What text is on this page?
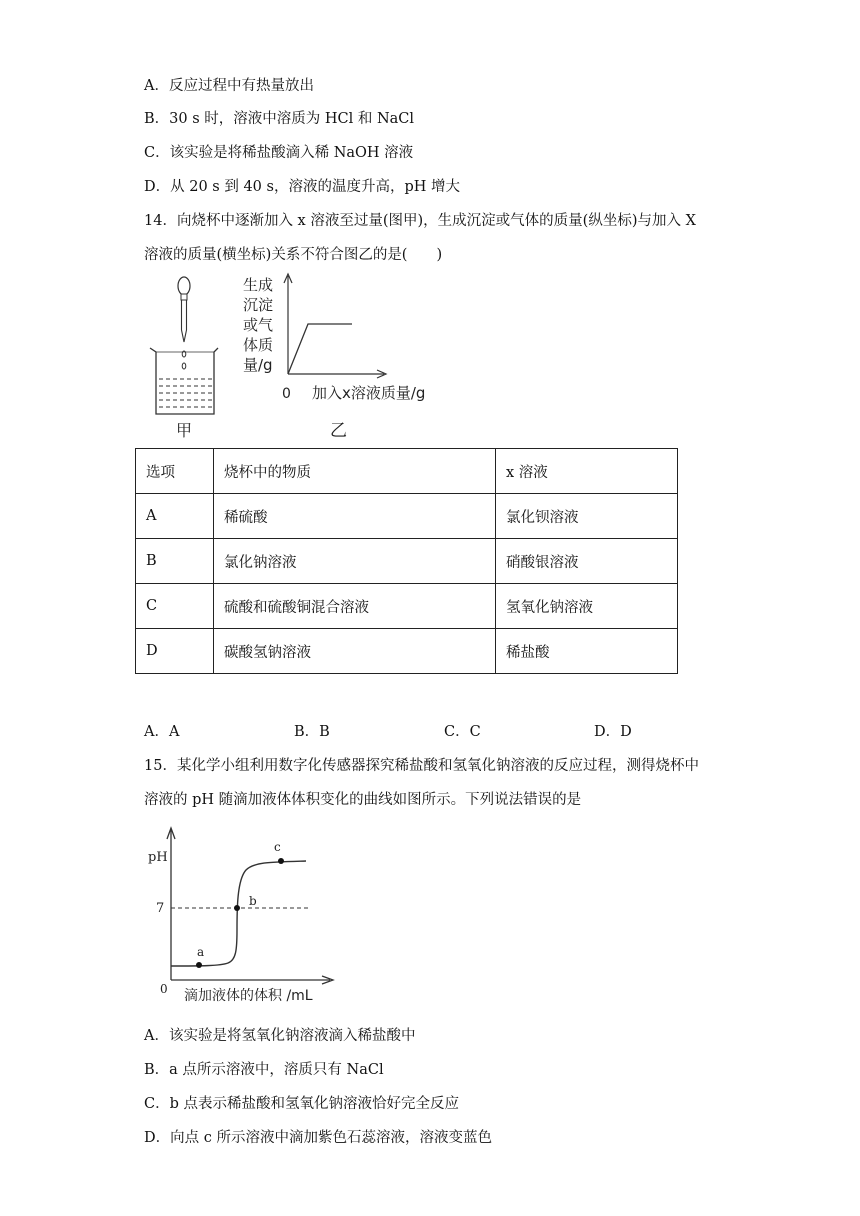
A．反应过程中有热量放出
B．30 s 时，溶液中溶质为 HCl 和 NaCl
C．该实验是将稀盐酸滴入稀 NaOH 溶液
D．从 20 s 到 40 s，溶液的温度升高，pH 增大
14．向烧杯中逐渐加入 x 溶液至过量(图甲)，生成沉淀或气体的质量(纵坐标)与加入 X
溶液的质量(横坐标)关系不符合图乙的是(　　)
甲
生成
沉淀
或气
体质
量/g
0 加入x溶液质量/g
乙
选项	烧杯中的物质	x 溶液
A	稀硫酸	氯化钡溶液
B	氯化钠溶液	硝酸银溶液
C	硫酸和硫酸铜混合溶液	氢氧化钠溶液
D	碳酸氢钠溶液	稀盐酸
A．A	B．B	C．C	D．D
15．某化学小组利用数字化传感器探究稀盐酸和氢氧化钠溶液的反应过程，测得烧杯中
溶液的 pH 随滴加液体体积变化的曲线如图所示。下列说法错误的是
pH
7
0 滴加液体的体积 /mL
a
b
c
A．该实验是将氢氧化钠溶液滴入稀盐酸中
B．a 点所示溶液中，溶质只有 NaCl
C．b 点表示稀盐酸和氢氧化钠溶液恰好完全反应
D．向点 c 所示溶液中滴加紫色石蕊溶液，溶液变蓝色
